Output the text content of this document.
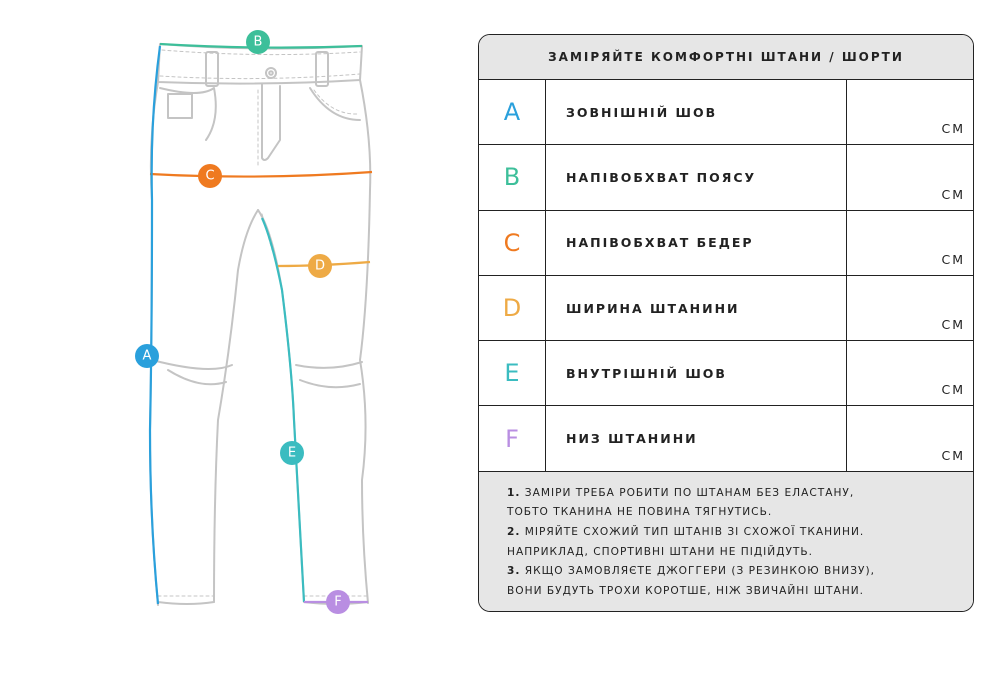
B
C
D
A
E
F
ЗАМІРЯЙТЕ КОМФОРТНІ ШТАНИ / ШОРТИ
A	ЗОВНІШНІЙ ШОВ
СМ
B	НАПІВОБХВАТ ПОЯСУ
СМ
C	НАПІВОБХВАТ БЕДЕР
СМ
D	ШИРИНА ШТАНИНИ
СМ
E	ВНУТРІШНІЙ ШОВ
СМ
F	НИЗ ШТАНИНИ
СМ

1. ЗАМІРИ ТРЕБА РОБИТИ ПО ШТАНАМ БЕЗ ЕЛАСТАНУ,

ТОБТО ТКАНИНА НЕ ПОВИНА ТЯГНУТИСЬ.

2. МІРЯЙТЕ СХОЖИЙ ТИП ШТАНІВ ЗІ СХОЖОЇ ТКАНИНИ.

НАПРИКЛАД, СПОРТИВНІ ШТАНИ НЕ ПІДІЙДУТЬ.

3. ЯКЩО ЗАМОВЛЯЄТЕ ДЖОГГЕРИ (З РЕЗИНКОЮ ВНИЗУ),

ВОНИ БУДУТЬ ТРОХИ КОРОТШЕ, НІЖ ЗВИЧАЙНІ ШТАНИ.
